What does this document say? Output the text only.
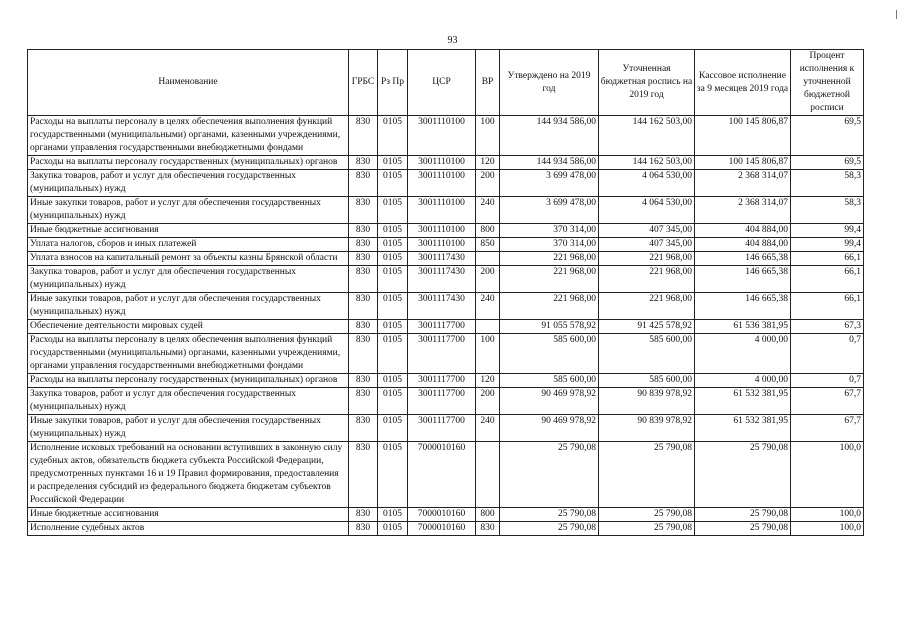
93
Наименование	ГРБС	Рз Пр	ЦСР	ВР	Утверждено на 2019 год	Уточненная бюджетная роспись на 2019 год	Кассовое исполнение за 9 месяцев 2019 года	Процент исполнения к уточненной бюджетной росписи
Расходы на выплаты персоналу в целях обеспечения выполнения функций государственными (муниципальными) органами, казенными учреждениями, органами управления государственными внебюджетными фондами	830	0105	3001110100	100	144 934 586,00	144 162 503,00	100 145 806,87	69,5
Расходы на выплаты персоналу государственных (муниципальных) органов	830	0105	3001110100	120	144 934 586,00	144 162 503,00	100 145 806,87	69,5
Закупка товаров, работ и услуг для обеспечения государственных (муниципальных) нужд	830	0105	3001110100	200	3 699 478,00	4 064 530,00	2 368 314,07	58,3
Иные закупки товаров, работ и услуг для обеспечения государственных (муниципальных) нужд	830	0105	3001110100	240	3 699 478,00	4 064 530,00	2 368 314,07	58,3
Иные бюджетные ассигнования	830	0105	3001110100	800	370 314,00	407 345,00	404 884,00	99,4
Уплата налогов, сборов и иных платежей	830	0105	3001110100	850	370 314,00	407 345,00	404 884,00	99,4
Уплата взносов на капитальный ремонт за объекты казны Брянской области	830	0105	3001117430		221 968,00	221 968,00	146 665,38	66,1
Закупка товаров, работ и услуг для обеспечения государственных (муниципальных) нужд	830	0105	3001117430	200	221 968,00	221 968,00	146 665,38	66,1
Иные закупки товаров, работ и услуг для обеспечения государственных (муниципальных) нужд	830	0105	3001117430	240	221 968,00	221 968,00	146 665,38	66,1
Обеспечение деятельности мировых судей	830	0105	3001117700		91 055 578,92	91 425 578,92	61 536 381,95	67,3
Расходы на выплаты персоналу в целях обеспечения выполнения функций государственными (муниципальными) органами, казенными учреждениями, органами управления государственными внебюджетными фондами	830	0105	3001117700	100	585 600,00	585 600,00	4 000,00	0,7
Расходы на выплаты персоналу государственных (муниципальных) органов	830	0105	3001117700	120	585 600,00	585 600,00	4 000,00	0,7
Закупка товаров, работ и услуг для обеспечения государственных (муниципальных) нужд	830	0105	3001117700	200	90 469 978,92	90 839 978,92	61 532 381,95	67,7
Иные закупки товаров, работ и услуг для обеспечения государственных (муниципальных) нужд	830	0105	3001117700	240	90 469 978,92	90 839 978,92	61 532 381,95	67,7
Исполнение исковых требований на основании вступивших в законную силу судебных актов, обязательств бюджета субъекта Российской Федерации, предусмотренных пунктами 16 и 19 Правил формирования, предоставления и распределения субсидий из федерального бюджета бюджетам субъектов Российской Федерации	830	0105	7000010160		25 790,08	25 790,08	25 790,08	100,0
Иные бюджетные ассигнования	830	0105	7000010160	800	25 790,08	25 790,08	25 790,08	100,0
Исполнение судебных актов	830	0105	7000010160	830	25 790,08	25 790,08	25 790,08	100,0
